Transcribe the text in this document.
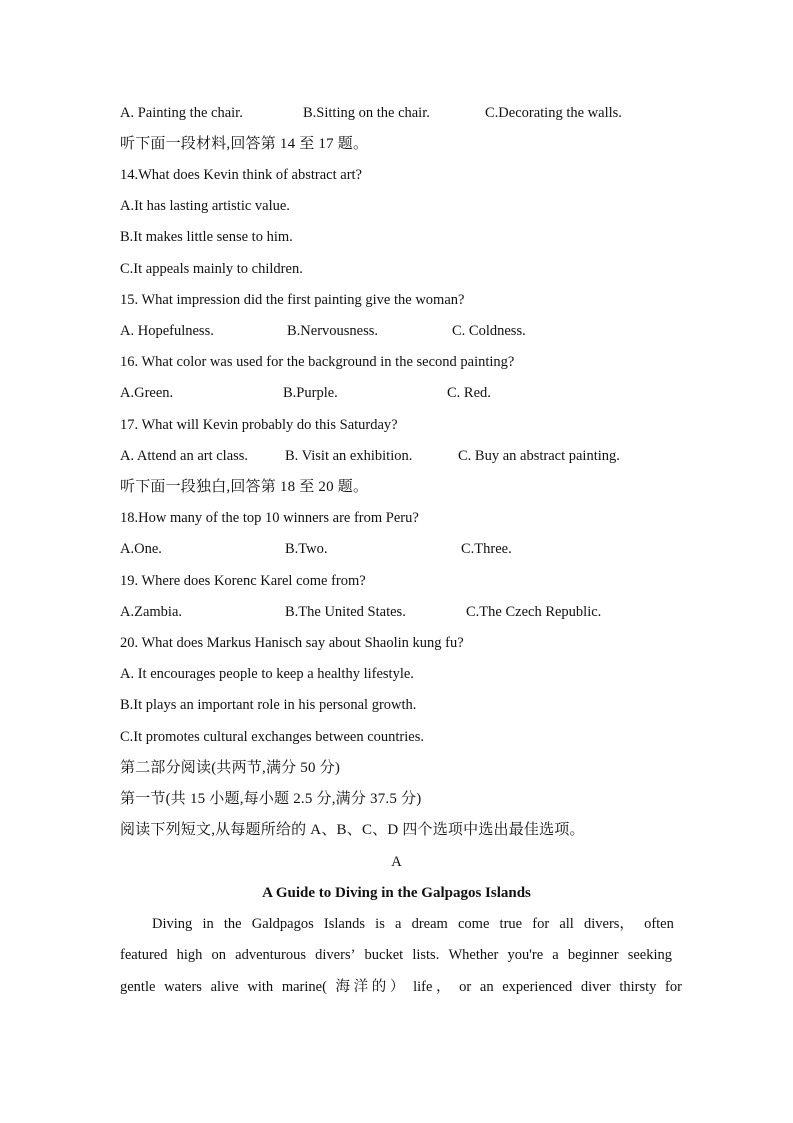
A. Painting the chair.	B.Sitting on the chair.	C.Decorating the walls.
听下面一段材料,回答第 14 至 17 题。
14.What does Kevin think of abstract art?
A.It has lasting artistic value.
B.It makes little sense to him.
C.It appeals mainly to children.
15. What impression did the first painting give the woman?
A. Hopefulness.	B.Nervousness.	C. Coldness.
16. What color was used for the background in the second painting?
A.Green.	B.Purple.	C. Red.
17. What will Kevin probably do this Saturday?
A. Attend an art class.	B. Visit an exhibition.	C. Buy an abstract painting.
听下面一段独白,回答第 18 至 20 题。
18.How many of the top 10 winners are from Peru?
A.One.	B.Two.	C.Three.
19. Where does Korenc Karel come from?
A.Zambia.	B.The United States.	C.The Czech Republic.
20. What does Markus Hanisch say about Shaolin kung fu?
A. It encourages people to keep a healthy lifestyle.
B.It plays an important role in his personal growth.
C.It promotes cultural exchanges between countries.
第二部分阅读(共两节,满分 50 分)
第一节(共 15 小题,每小题 2.5 分,满分 37.5 分)
阅读下列短文,从每题所给的 A、B、C、D 四个选项中选出最佳选项。
A
A Guide to Diving in the Galpagos Islands
Diving in the Galdpagos Islands is a dream come true for all divers， often
featured high on adventurous divers’ bucket lists. Whether you're a beginner seeking
gentle waters alive with marine( 海 洋 的 ） life ， or an experienced diver thirsty for
